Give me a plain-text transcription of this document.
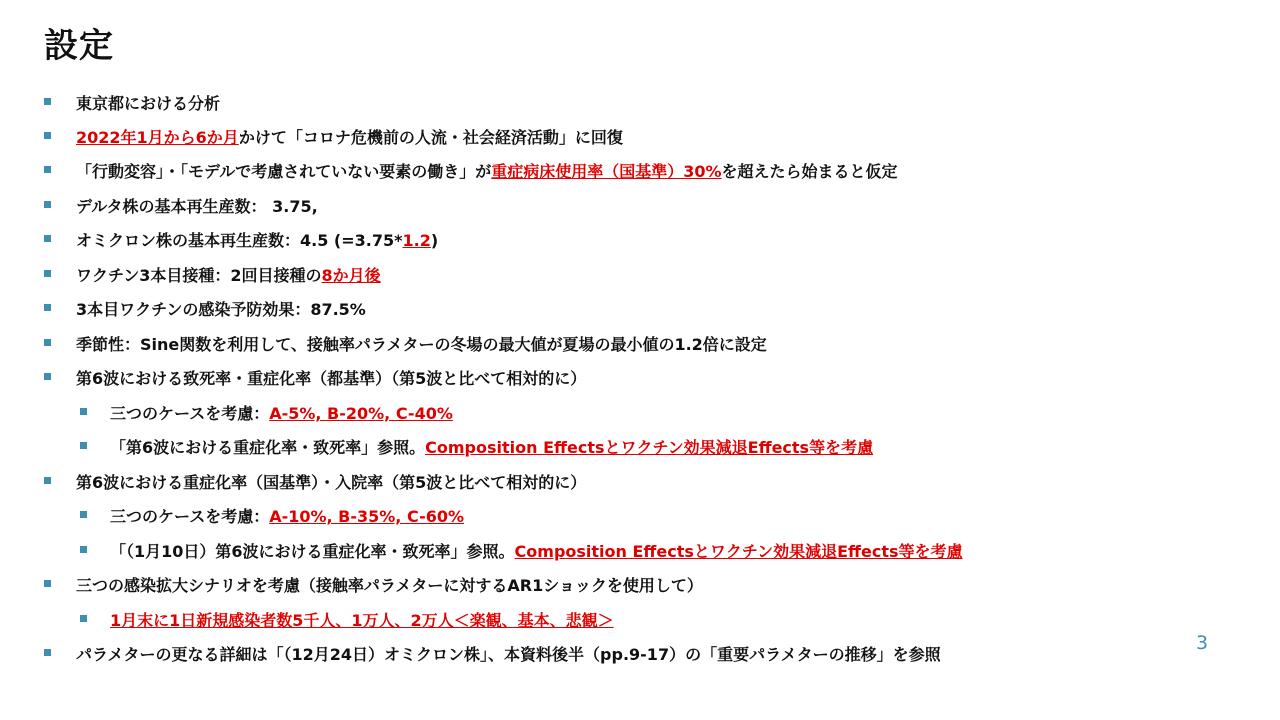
設定
東京都における分析
2022年1月から6か月かけて「コロナ危機前の人流・社会経済活動」に回復
「行動変容」・「モデルで考慮されていない要素の働き」が重症病床使用率（国基準）30%を超えたら始まると仮定
デルタ株の基本再生産数： 3.75,
オミクロン株の基本再生産数：4.5 (=3.75*1.2)
ワクチン3本目接種：2回目接種の8か月後
3本目ワクチンの感染予防効果：87.5%
季節性：Sine関数を利用して、接触率パラメターの冬場の最大値が夏場の最小値の1.2倍に設定
第6波における致死率・重症化率（都基準）（第5波と比べて相対的に）
三つのケースを考慮：A-5%, B-20%, C-40%
「第6波における重症化率・致死率」参照。Composition Effectsとワクチン効果減退Effects等を考慮
第6波における重症化率（国基準）・入院率（第5波と比べて相対的に）
三つのケースを考慮：A-10%, B-35%, C-60%
「（1月10日）第6波における重症化率・致死率」参照。Composition Effectsとワクチン効果減退Effects等を考慮
三つの感染拡大シナリオを考慮（接触率パラメターに対するAR1ショックを使用して）
1月末に1日新規感染者数5千人、1万人、2万人＜楽観、基本、悲観＞
パラメターの更なる詳細は「（12月24日）オミクロン株」、本資料後半（pp.9-17）の「重要パラメターの推移」を参照
3
